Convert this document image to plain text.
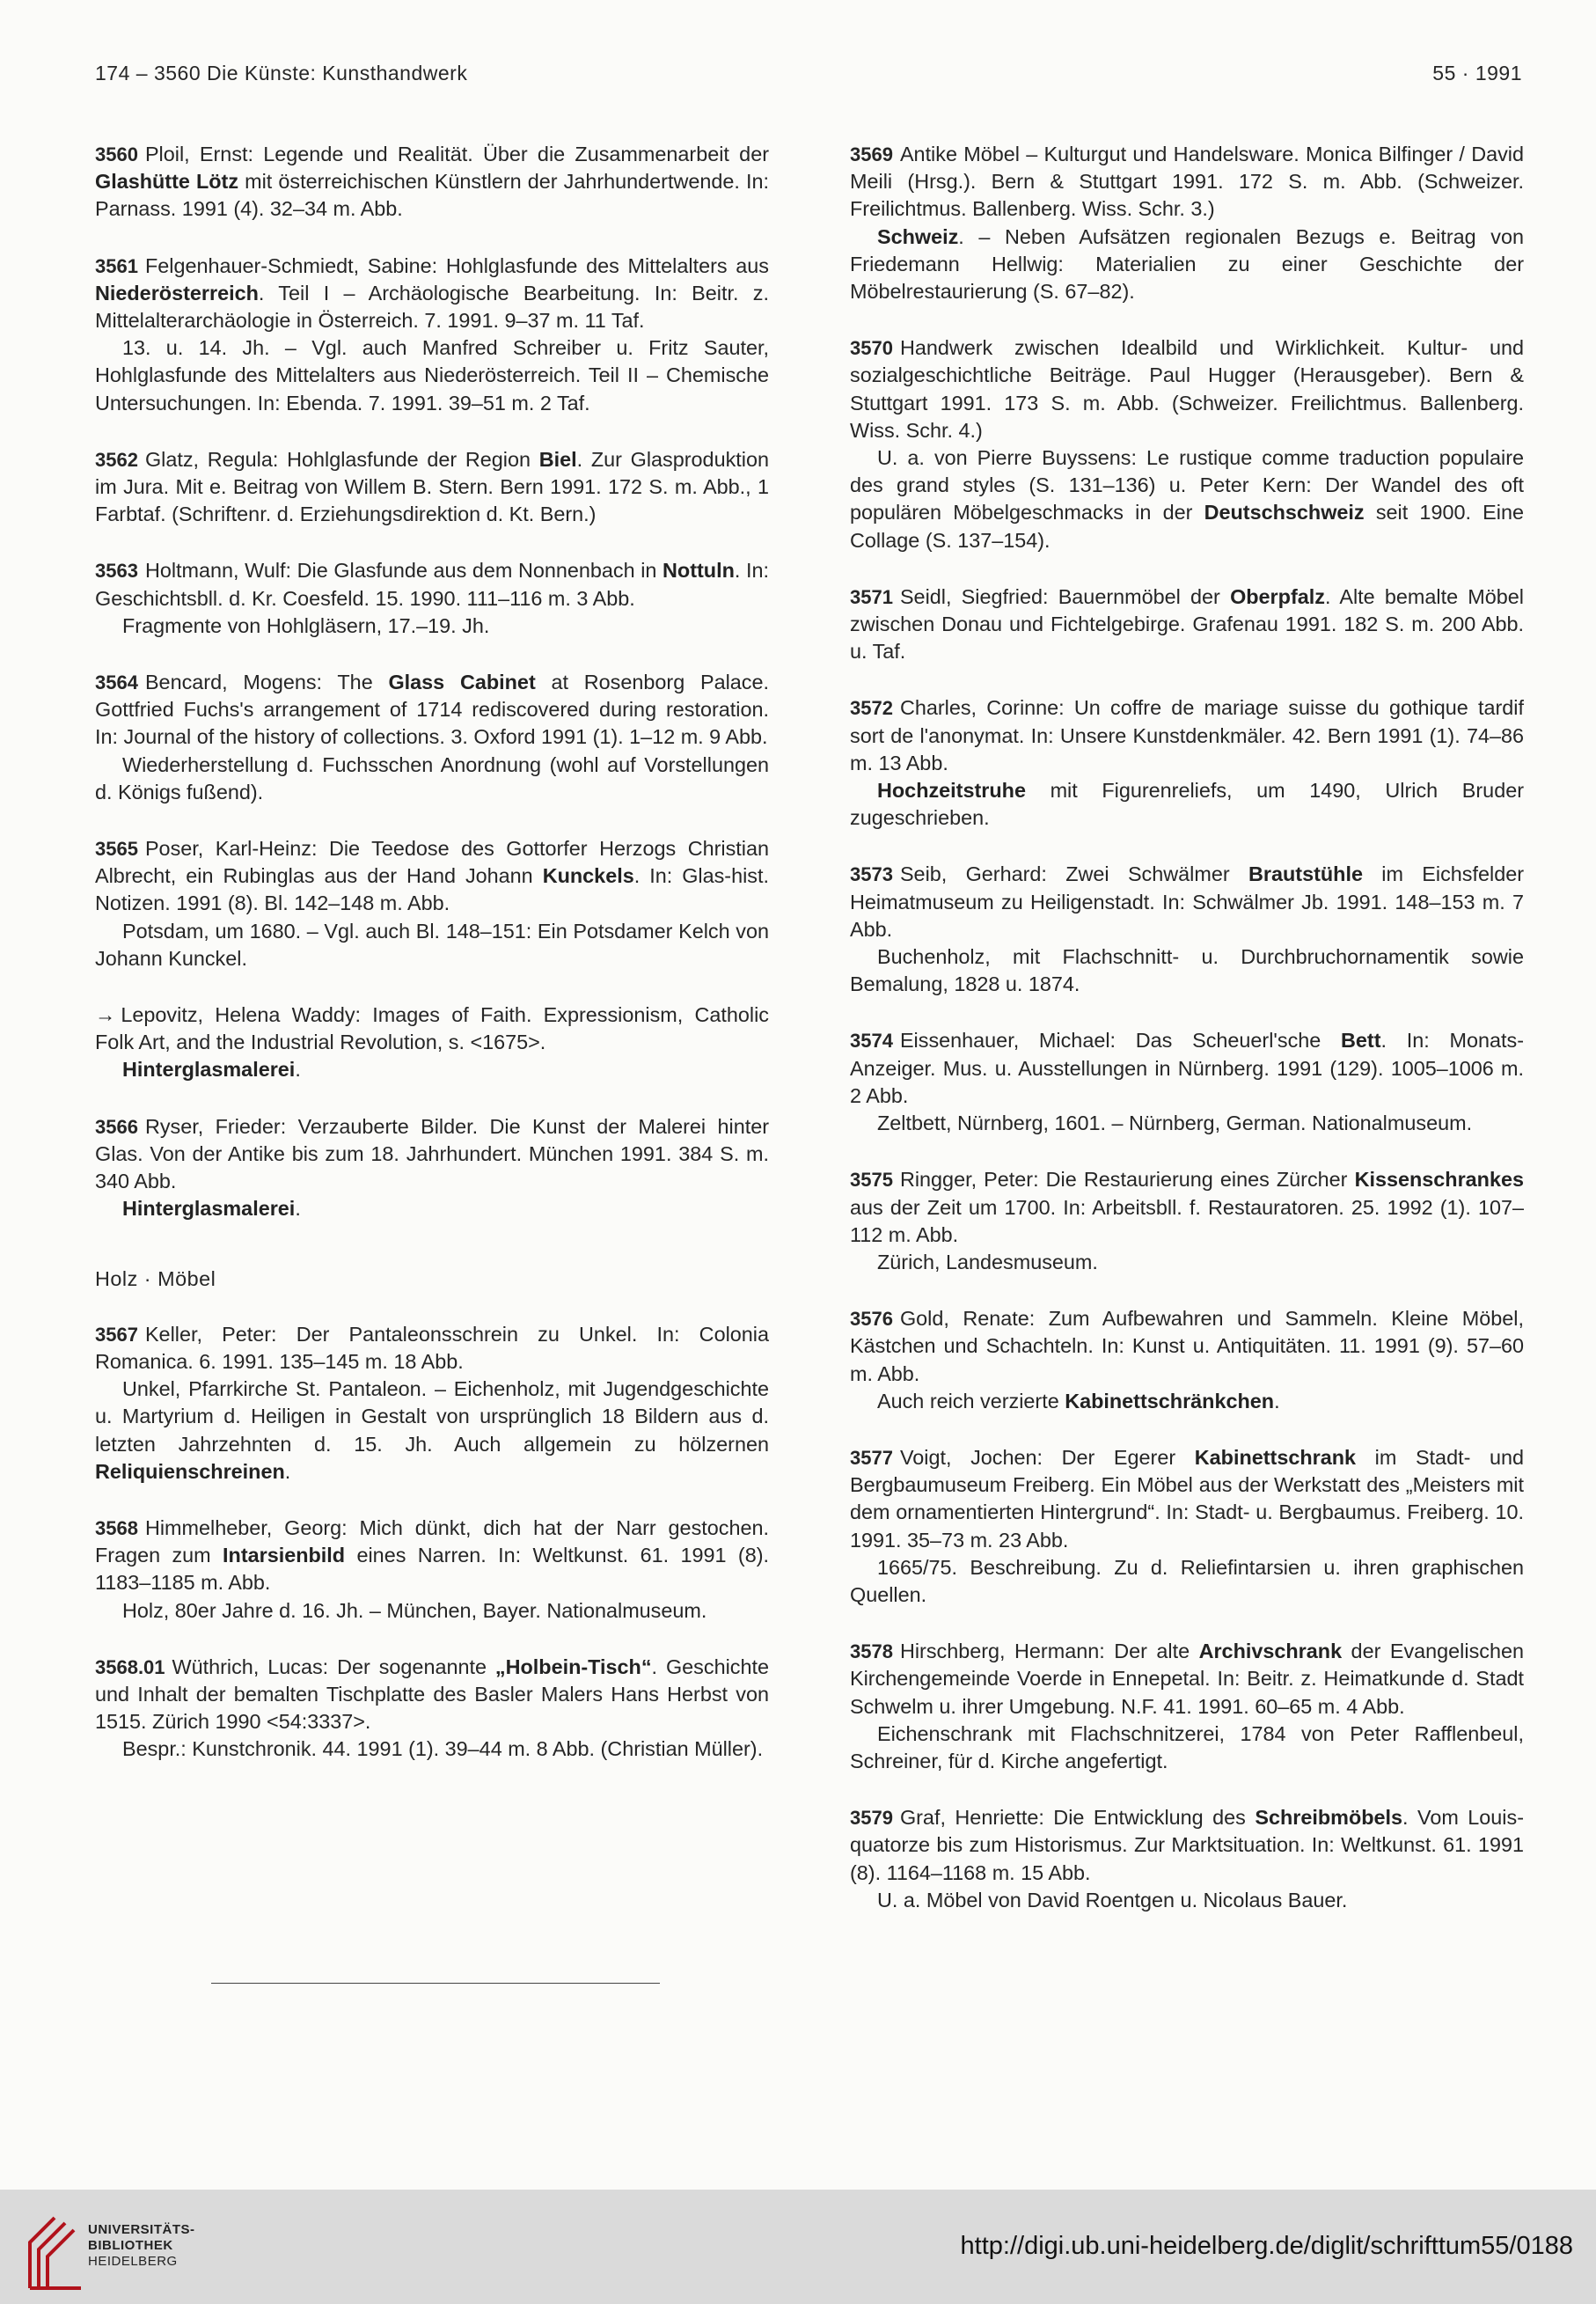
174 – 3560 Die Künste: Kunsthandwerk	55 · 1991

3560 Ploil, Ernst: Legende und Realität. Über die Zusammenarbeit der Glashütte Lötz mit österreichischen Künstlern der Jahrhundertwende. In: Parnass. 1991 (4). 32–34 m. Abb.

3561 Felgenhauer-Schmiedt, Sabine: Hohlglasfunde des Mittelalters aus Niederösterreich. Teil I – Archäologische Bearbeitung. In: Beitr. z. Mittelalterarchäologie in Österreich. 7. 1991. 9–37 m. 11 Taf.

13. u. 14. Jh. – Vgl. auch Manfred Schreiber u. Fritz Sauter, Hohlglasfunde des Mittelalters aus Niederösterreich. Teil II – Chemische Untersuchungen. In: Ebenda. 7. 1991. 39–51 m. 2 Taf.

3562 Glatz, Regula: Hohlglasfunde der Region Biel. Zur Glasproduktion im Jura. Mit e. Beitrag von Willem B. Stern. Bern 1991. 172 S. m. Abb., 1 Farbtaf. (Schriftenr. d. Erziehungsdirektion d. Kt. Bern.)

3563 Holtmann, Wulf: Die Glasfunde aus dem Nonnenbach in Nottuln. In: Geschichtsbll. d. Kr. Coesfeld. 15. 1990. 111–116 m. 3 Abb.

Fragmente von Hohlgläsern, 17.–19. Jh.

3564 Bencard, Mogens: The Glass Cabinet at Rosenborg Palace. Gottfried Fuchs's arrangement of 1714 rediscovered during restoration. In: Journal of the history of collections. 3. Oxford 1991 (1). 1–12 m. 9 Abb.

Wiederherstellung d. Fuchsschen Anordnung (wohl auf Vorstellungen d. Königs fußend).

3565 Poser, Karl-Heinz: Die Teedose des Gottorfer Herzogs Christian Albrecht, ein Rubinglas aus der Hand Johann Kunckels. In: Glas-hist. Notizen. 1991 (8). Bl. 142–148 m. Abb.

Potsdam, um 1680. – Vgl. auch Bl. 148–151: Ein Potsdamer Kelch von Johann Kunckel.

→ Lepovitz, Helena Waddy: Images of Faith. Expressionism, Catholic Folk Art, and the Industrial Revolution, s. <1675>.

Hinterglasmalerei.

3566 Ryser, Frieder: Verzauberte Bilder. Die Kunst der Malerei hinter Glas. Von der Antike bis zum 18. Jahrhundert. München 1991. 384 S. m. 340 Abb.

Hinterglasmalerei.

Holz · Möbel

3567 Keller, Peter: Der Pantaleonsschrein zu Unkel. In: Colonia Romanica. 6. 1991. 135–145 m. 18 Abb.

Unkel, Pfarrkirche St. Pantaleon. – Eichenholz, mit Jugendgeschichte u. Martyrium d. Heiligen in Gestalt von ursprünglich 18 Bildern aus d. letzten Jahrzehnten d. 15. Jh. Auch allgemein zu hölzernen Reliquienschreinen.

3568 Himmelheber, Georg: Mich dünkt, dich hat der Narr gestochen. Fragen zum Intarsienbild eines Narren. In: Weltkunst. 61. 1991 (8). 1183–1185 m. Abb.

Holz, 80er Jahre d. 16. Jh. – München, Bayer. Nationalmuseum.

3568.01 Wüthrich, Lucas: Der sogenannte „Holbein-Tisch“. Geschichte und Inhalt der bemalten Tischplatte des Basler Malers Hans Herbst von 1515. Zürich 1990 <54:3337>.

Bespr.: Kunstchronik. 44. 1991 (1). 39–44 m. 8 Abb. (Christian Müller).

3569 Antike Möbel – Kulturgut und Handelsware. Monica Bilfinger / David Meili (Hrsg.). Bern & Stuttgart 1991. 172 S. m. Abb. (Schweizer. Freilichtmus. Ballenberg. Wiss. Schr. 3.)

Schweiz. – Neben Aufsätzen regionalen Bezugs e. Beitrag von Friedemann Hellwig: Materialien zu einer Geschichte der Möbelrestaurierung (S. 67–82).

3570 Handwerk zwischen Idealbild und Wirklichkeit. Kultur- und sozialgeschichtliche Beiträge. Paul Hugger (Herausgeber). Bern & Stuttgart 1991. 173 S. m. Abb. (Schweizer. Freilichtmus. Ballenberg. Wiss. Schr. 4.)

U. a. von Pierre Buyssens: Le rustique comme traduction populaire des grand styles (S. 131–136) u. Peter Kern: Der Wandel des oft populären Möbelgeschmacks in der Deutschschweiz seit 1900. Eine Collage (S. 137–154).

3571 Seidl, Siegfried: Bauernmöbel der Oberpfalz. Alte bemalte Möbel zwischen Donau und Fichtelgebirge. Grafenau 1991. 182 S. m. 200 Abb. u. Taf.

3572 Charles, Corinne: Un coffre de mariage suisse du gothique tardif sort de l'anonymat. In: Unsere Kunstdenkmäler. 42. Bern 1991 (1). 74–86 m. 13 Abb.

Hochzeitstruhe mit Figurenreliefs, um 1490, Ulrich Bruder zugeschrieben.

3573 Seib, Gerhard: Zwei Schwälmer Brautstühle im Eichsfelder Heimatmuseum zu Heiligenstadt. In: Schwälmer Jb. 1991. 148–153 m. 7 Abb.

Buchenholz, mit Flachschnitt- u. Durchbruchornamentik sowie Bemalung, 1828 u. 1874.

3574 Eissenhauer, Michael: Das Scheuerl'sche Bett. In: Monats-Anzeiger. Mus. u. Ausstellungen in Nürnberg. 1991 (129). 1005–1006 m. 2 Abb.

Zeltbett, Nürnberg, 1601. – Nürnberg, German. Nationalmuseum.

3575 Ringger, Peter: Die Restaurierung eines Zürcher Kissenschrankes aus der Zeit um 1700. In: Arbeitsbll. f. Restauratoren. 25. 1992 (1). 107–112 m. Abb.

Zürich, Landesmuseum.

3576 Gold, Renate: Zum Aufbewahren und Sammeln. Kleine Möbel, Kästchen und Schachteln. In: Kunst u. Antiquitäten. 11. 1991 (9). 57–60 m. Abb.

Auch reich verzierte Kabinettschränkchen.

3577 Voigt, Jochen: Der Egerer Kabinettschrank im Stadt- und Bergbaumuseum Freiberg. Ein Möbel aus der Werkstatt des „Meisters mit dem ornamentierten Hintergrund“. In: Stadt- u. Bergbaumus. Freiberg. 10. 1991. 35–73 m. 23 Abb.

1665/75. Beschreibung. Zu d. Reliefintarsien u. ihren graphischen Quellen.

3578 Hirschberg, Hermann: Der alte Archivschrank der Evangelischen Kirchengemeinde Voerde in Ennepetal. In: Beitr. z. Heimatkunde d. Stadt Schwelm u. ihrer Umgebung. N.F. 41. 1991. 60–65 m. 4 Abb.

Eichenschrank mit Flachschnitzerei, 1784 von Peter Rafflenbeul, Schreiner, für d. Kirche angefertigt.

3579 Graf, Henriette: Die Entwicklung des Schreibmöbels. Vom Louis-quatorze bis zum Historismus. Zur Marktsituation. In: Weltkunst. 61. 1991 (8). 1164–1168 m. 15 Abb.

U. a. Möbel von David Roentgen u. Nicolaus Bauer.

UNIVERSITÄTS-
BIBLIOTHEK
HEIDELBERG
http://digi.ub.uni-heidelberg.de/diglit/schrifttum55/0188
